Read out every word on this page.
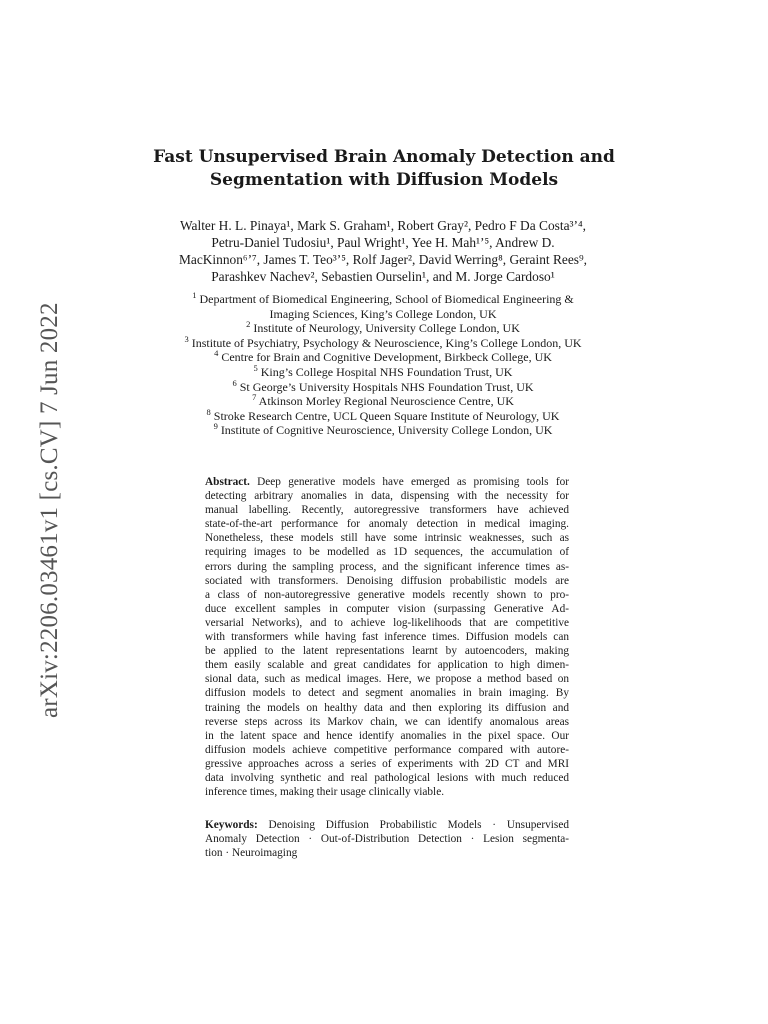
arXiv:2206.03461v1 [cs.CV] 7 Jun 2022
Fast Unsupervised Brain Anomaly Detection and
Segmentation with Diffusion Models
Walter H. L. Pinaya¹, Mark S. Graham¹, Robert Gray², Pedro F Da Costa³ʼ⁴,
Petru-Daniel Tudosiu¹, Paul Wright¹, Yee H. Mah¹ʼ⁵, Andrew D.
MacKinnon⁶ʼ⁷, James T. Teo³ʼ⁵, Rolf Jager², David Werring⁸, Geraint Rees⁹,
Parashkev Nachev², Sebastien Ourselin¹, and M. Jorge Cardoso¹
$^1$ Department of Biomedical Engineering, School of Biomedical Engineering &
Imaging Sciences, King’s College London, UK
$^2$ Institute of Neurology, University College London, UK
$^3$ Institute of Psychiatry, Psychology & Neuroscience, King’s College London, UK
$^4$ Centre for Brain and Cognitive Development, Birkbeck College, UK
$^5$ King’s College Hospital NHS Foundation Trust, UK
$^6$ St George’s University Hospitals NHS Foundation Trust, UK
$^7$ Atkinson Morley Regional Neuroscience Centre, UK
$^8$ Stroke Research Centre, UCL Queen Square Institute of Neurology, UK
$^9$ Institute of Cognitive Neuroscience, University College London, UK
Abstract. Deep generative models have emerged as promising tools for
detecting arbitrary anomalies in data, dispensing with the necessity for
manual labelling. Recently, autoregressive transformers have achieved
state-of-the-art performance for anomaly detection in medical imaging.
Nonetheless, these models still have some intrinsic weaknesses, such as
requiring images to be modelled as 1D sequences, the accumulation of
errors during the sampling process, and the significant inference times as-
sociated with transformers. Denoising diffusion probabilistic models are
a class of non-autoregressive generative models recently shown to pro-
duce excellent samples in computer vision (surpassing Generative Ad-
versarial Networks), and to achieve log-likelihoods that are competitive
with transformers while having fast inference times. Diffusion models can
be applied to the latent representations learnt by autoencoders, making
them easily scalable and great candidates for application to high dimen-
sional data, such as medical images. Here, we propose a method based on
diffusion models to detect and segment anomalies in brain imaging. By
training the models on healthy data and then exploring its diffusion and
reverse steps across its Markov chain, we can identify anomalous areas
in the latent space and hence identify anomalies in the pixel space. Our
diffusion models achieve competitive performance compared with autore-
gressive approaches across a series of experiments with 2D CT and MRI
data involving synthetic and real pathological lesions with much reduced
inference times, making their usage clinically viable.
Keywords: Denoising Diffusion Probabilistic Models · Unsupervised
Anomaly Detection · Out-of-Distribution Detection · Lesion segmenta-
tion · Neuroimaging
